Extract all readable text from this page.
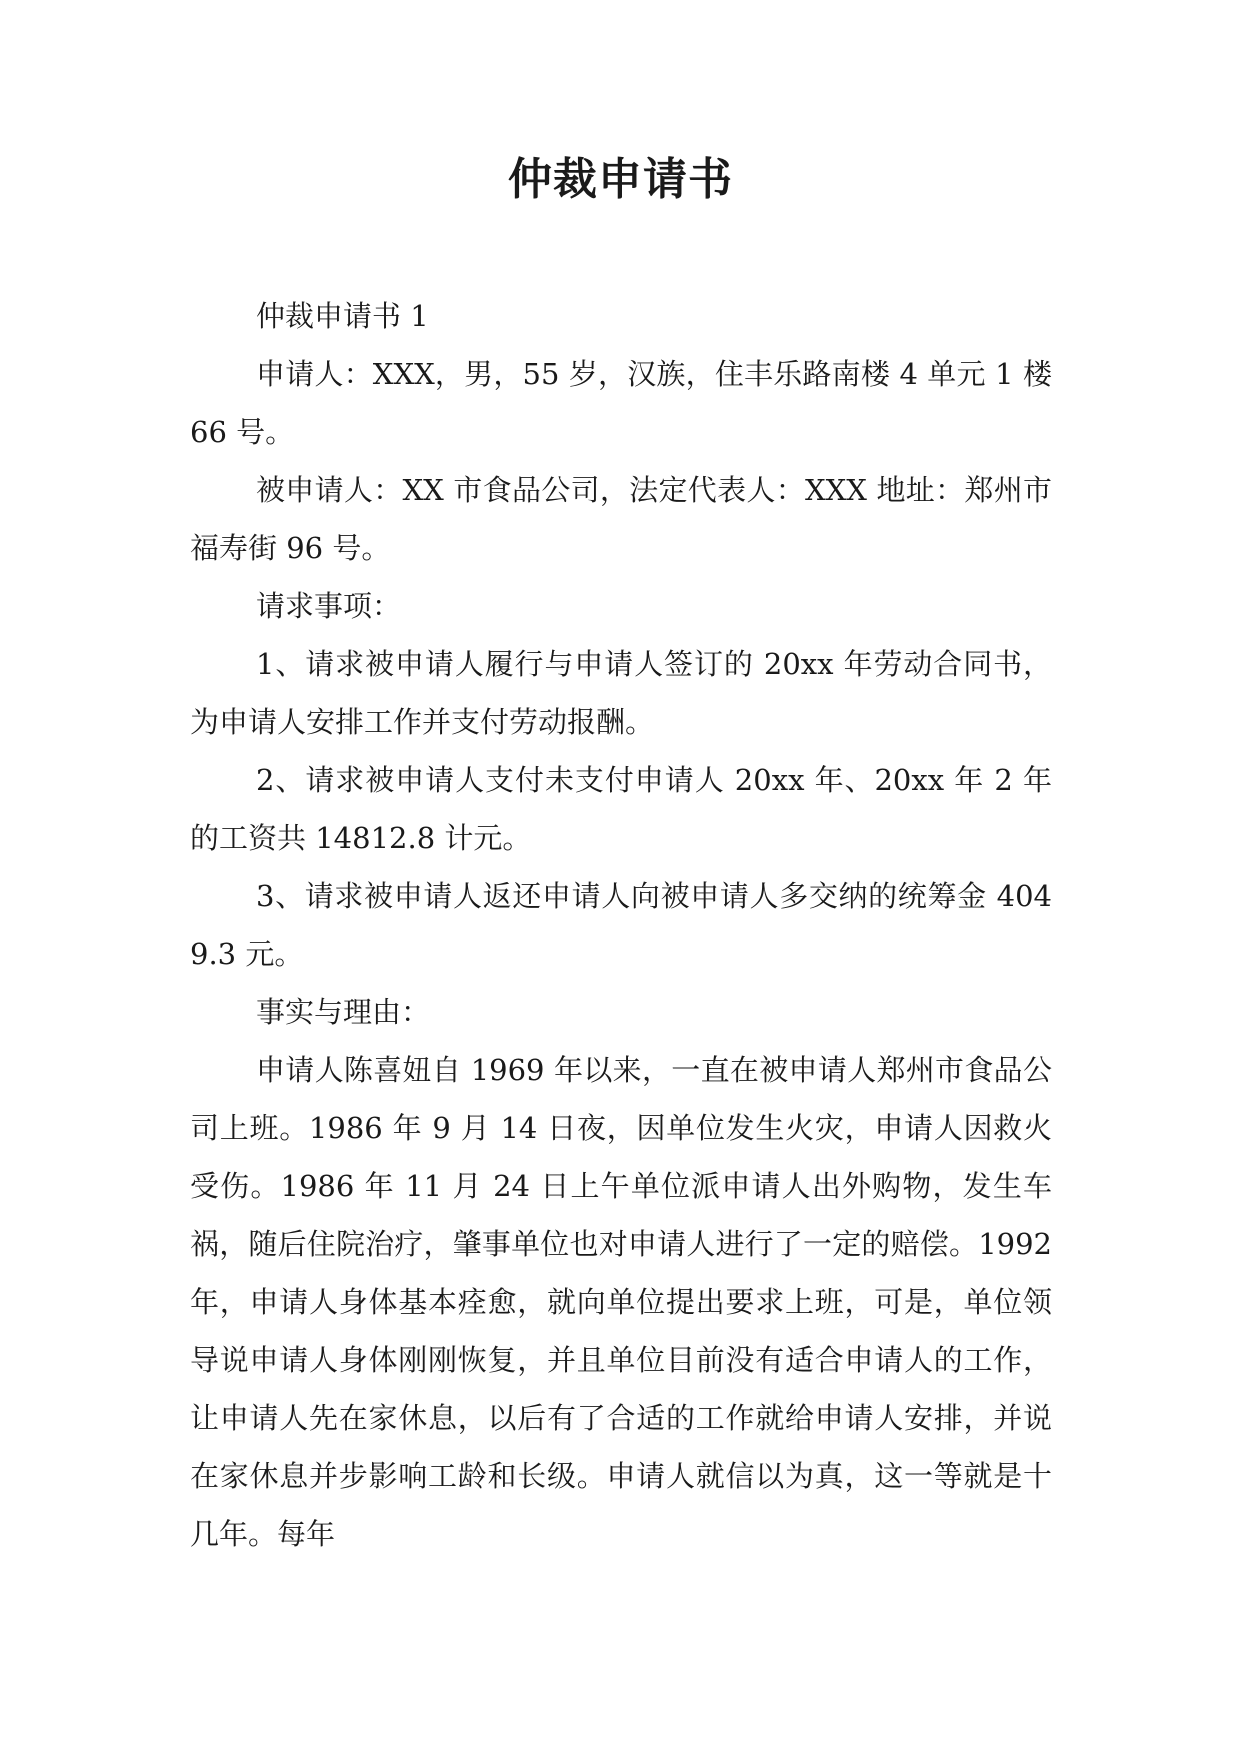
仲裁申请书

仲裁申请书 1

申请人：XXX，男，55 岁，汉族，住丰乐路南楼 4 单元 1 楼 66 号。

被申请人：XX 市食品公司，法定代表人：XXX 地址：郑州市福寿街 96 号。

请求事项：

1、请求被申请人履行与申请人签订的 20xx 年劳动合同书，为申请人安排工作并支付劳动报酬。

2、请求被申请人支付未支付申请人 20xx 年、20xx 年 2 年的工资共 14812.8 计元。

3、请求被申请人返还申请人向被申请人多交纳的统筹金 4049.3 元。

事实与理由：

申请人陈喜妞自 1969 年以来，一直在被申请人郑州市食品公司上班。1986 年 9 月 14 日夜，因单位发生火灾，申请人因救火受伤。1986 年 11 月 24 日上午单位派申请人出外购物，发生车祸，随后住院治疗，肇事单位也对申请人进行了一定的赔偿。1992 年，申请人身体基本痊愈，就向单位提出要求上班，可是，单位领导说申请人身体刚刚恢复，并且单位目前没有适合申请人的工作，让申请人先在家休息，以后有了合适的工作就给申请人安排，并说在家休息并步影响工龄和长级。申请人就信以为真，这一等就是十几年。每年
